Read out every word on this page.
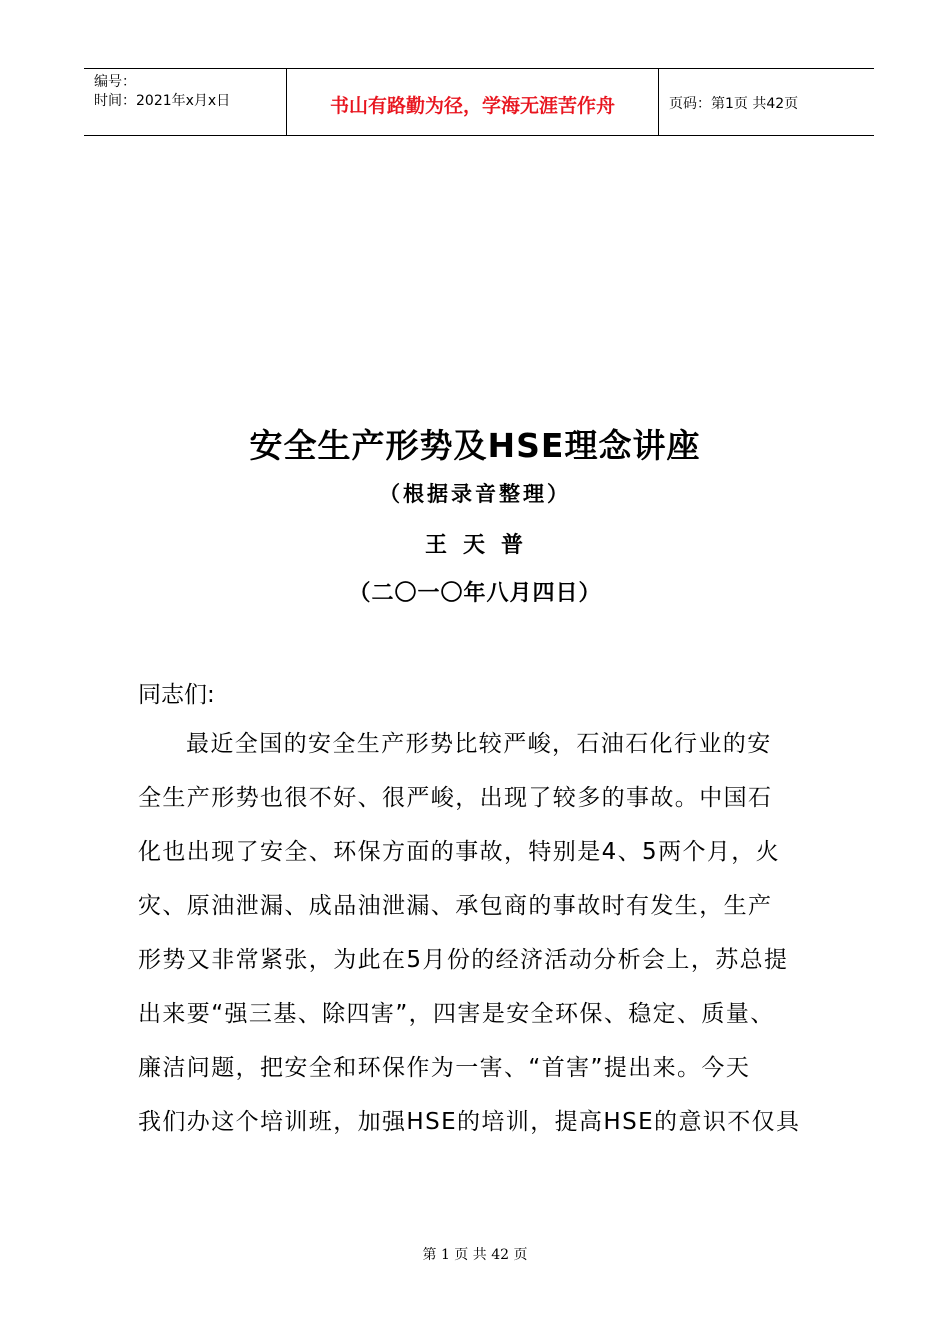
编号：
时间：2021年x月x日	书山有路勤为径，学海无涯苦作舟	页码：第1页 共42页
安全生产形势及HSE理念讲座
（根据录音整理）
王天普
（二〇一〇年八月四日）
同志们:
最近全国的安全生产形势比较严峻，石油石化行业的安
全生产形势也很不好、很严峻，出现了较多的事故。中国石
化也出现了安全、环保方面的事故，特别是4、5两个月，火
灾、原油泄漏、成品油泄漏、承包商的事故时有发生，生产
形势又非常紧张，为此在5月份的经济活动分析会上，苏总提
出来要“强三基、除四害”，四害是安全环保、稳定、质量、
廉洁问题，把安全和环保作为一害、“首害”提出来。今天
我们办这个培训班，加强HSE的培训，提高HSE的意识不仅具
第 1 页 共 42 页
